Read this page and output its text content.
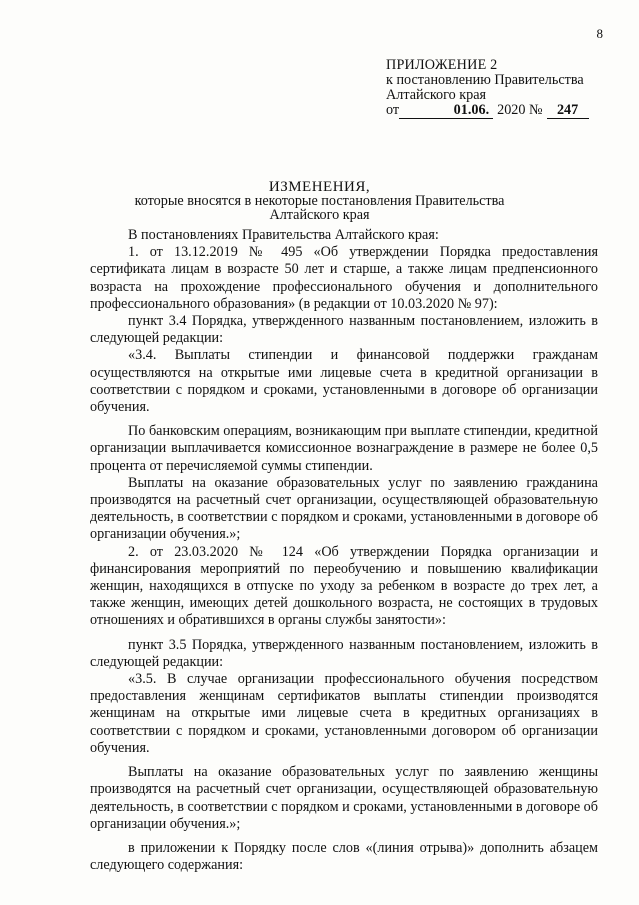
8
ПРИЛОЖЕНИЕ 2
к постановлению Правительства
Алтайского края
от	01.06. 2020 №	247
ИЗМЕНЕНИЯ,
которые вносятся в некоторые постановления Правительства
Алтайского края

В постановлениях Правительства Алтайского края:

1. от 13.12.2019 № 495 «Об утверждении Порядка предоставления сертификата лицам в возрасте 50 лет и старше, а также лицам предпенсионного возраста на прохождение профессионального обучения и дополнительного профессионального образования» (в редакции от 10.03.2020 № 97):

пункт 3.4 Порядка, утвержденного названным постановлением, изложить в следующей редакции:

«3.4. Выплаты стипендии и финансовой поддержки гражданам осуществляются на открытые ими лицевые счета в кредитной организации в соответствии с порядком и сроками, установленными в договоре об организации обучения.

По банковским операциям, возникающим при выплате стипендии, кредитной организации выплачивается комиссионное вознаграждение в размере не более 0,5 процента от перечисляемой суммы стипендии.

Выплаты на оказание образовательных услуг по заявлению гражданина производятся на расчетный счет организации, осуществляющей образовательную деятельность, в соответствии с порядком и сроками, установленными в договоре об организации обучения.»;

2. от 23.03.2020 № 124 «Об утверждении Порядка организации и финансирования мероприятий по переобучению и повышению квалификации женщин, находящихся в отпуске по уходу за ребенком в возрасте до трех лет, а также женщин, имеющих детей дошкольного возраста, не состоящих в трудовых отношениях и обратившихся в органы службы занятости»:

пункт 3.5 Порядка, утвержденного названным постановлением, изложить в следующей редакции:

«3.5. В случае организации профессионального обучения посредством предоставления женщинам сертификатов выплаты стипендии производятся женщинам на открытые ими лицевые счета в кредитных организациях в соответствии с порядком и сроками, установленными договором об организации обучения.

Выплаты на оказание образовательных услуг по заявлению женщины производятся на расчетный счет организации, осуществляющей образовательную деятельность, в соответствии с порядком и сроками, установленными в договоре об организации обучения.»;

в приложении к Порядку после слов «(линия отрыва)» дополнить абзацем следующего содержания:
